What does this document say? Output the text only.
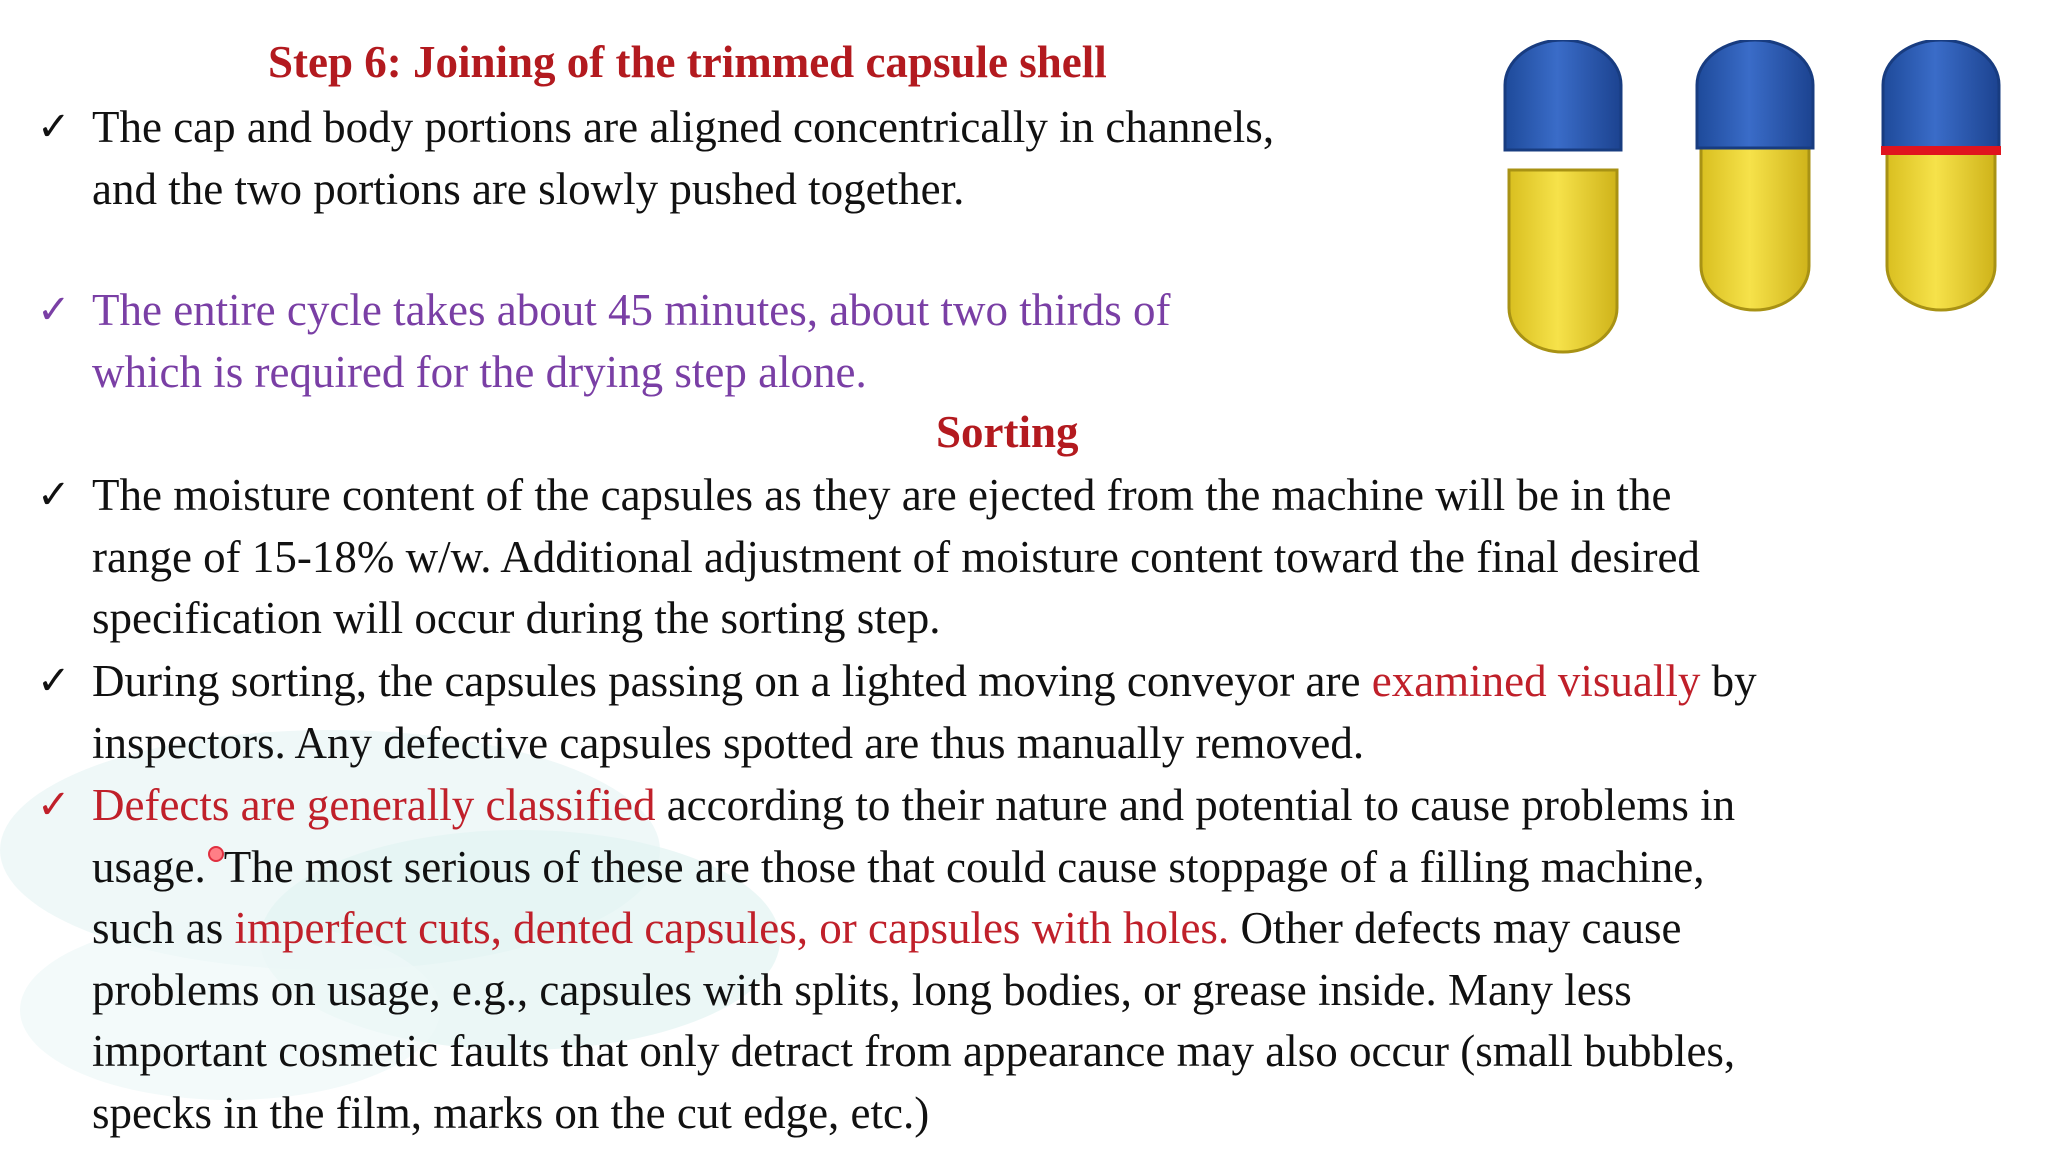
Step 6: Joining of the trimmed capsule shell
✓ The cap and body portions are aligned concentrically in channels,
and the two portions are slowly pushed together.
✓ The entire cycle takes about 45 minutes, about two thirds of
which is required for the drying step alone.
Sorting
✓ The moisture content of the capsules as they are ejected from the machine will be in the
range of 15-18% w/w. Additional adjustment of moisture content toward the final desired
specification will occur during the sorting step.
✓ During sorting, the capsules passing on a lighted moving conveyor are examined visually by
inspectors. Any defective capsules spotted are thus manually removed.
✓ Defects are generally classified according to their nature and potential to cause problems in
usage. The most serious of these are those that could cause stoppage of a filling machine,
such as imperfect cuts, dented capsules, or capsules with holes. Other defects may cause
problems on usage, e.g., capsules with splits, long bodies, or grease inside. Many less
important cosmetic faults that only detract from appearance may also occur (small bubbles,
specks in the film, marks on the cut edge, etc.)
